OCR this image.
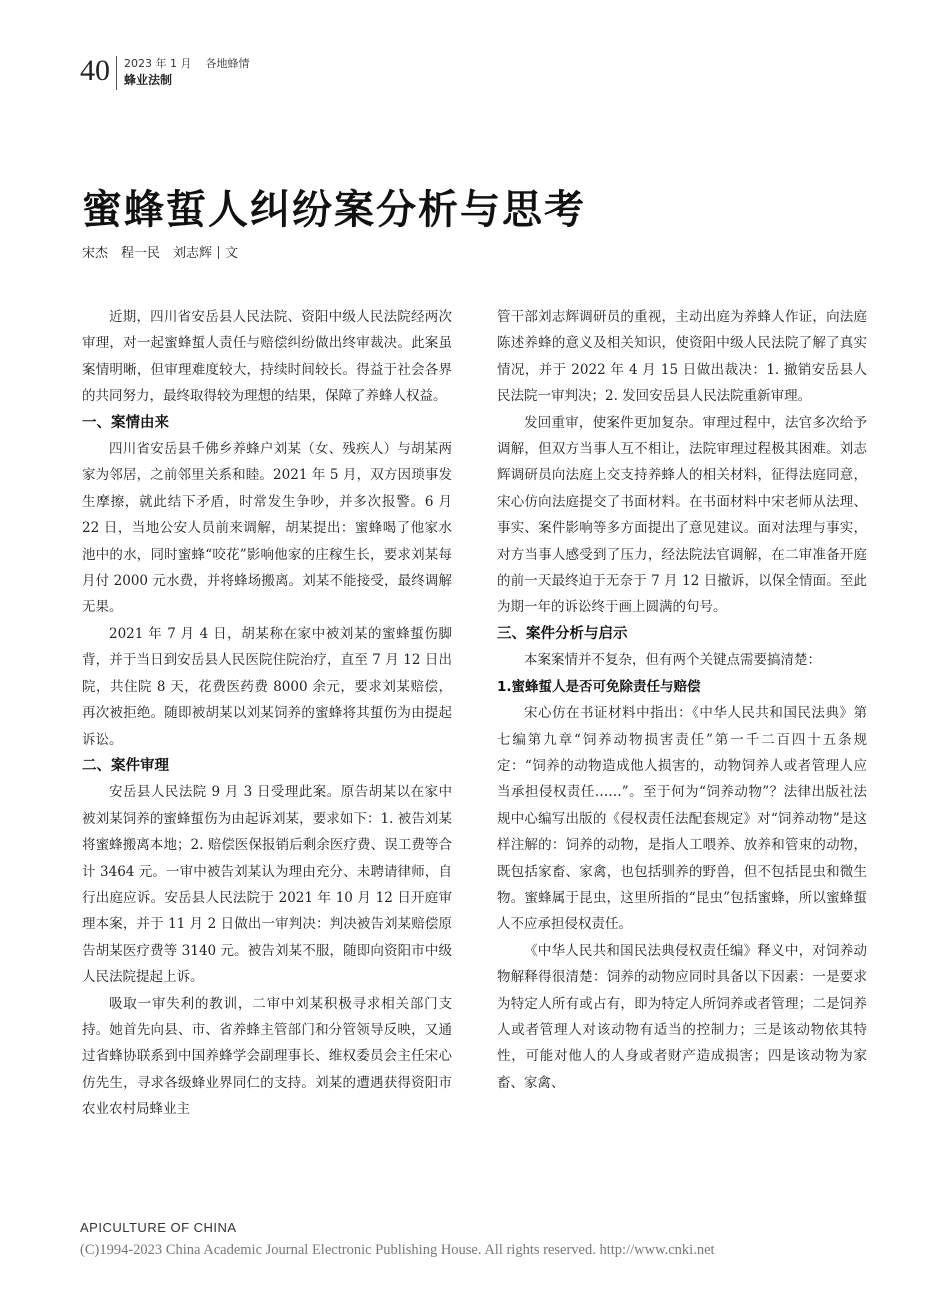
40 2023 年 1 月 各地蜂情
蜂业法制
蜜蜂蜇人纠纷案分析与思考
宋杰　程一民　刘志辉 文

近期，四川省安岳县人民法院、资阳中级人民法院经两次审理，对一起蜜蜂蜇人责任与赔偿纠纷做出终审裁决。此案虽案情明晰，但审理难度较大，持续时间较长。得益于社会各界的共同努力，最终取得较为理想的结果，保障了养蜂人权益。

一、案情由来

四川省安岳县千佛乡养蜂户刘某（女、残疾人）与胡某两家为邻居，之前邻里关系和睦。2021 年 5 月，双方因琐事发生摩擦，就此结下矛盾，时常发生争吵，并多次报警。6 月 22 日，当地公安人员前来调解，胡某提出：蜜蜂喝了他家水池中的水，同时蜜蜂“咬花”影响他家的庄稼生长，要求刘某每月付 2000 元水费，并将蜂场搬离。刘某不能接受，最终调解无果。

2021 年 7 月 4 日，胡某称在家中被刘某的蜜蜂蜇伤脚背，并于当日到安岳县人民医院住院治疗，直至 7 月 12 日出院，共住院 8 天，花费医药费 8000 余元，要求刘某赔偿，再次被拒绝。随即被胡某以刘某饲养的蜜蜂将其蜇伤为由提起诉讼。

二、案件审理

安岳县人民法院 9 月 3 日受理此案。原告胡某以在家中被刘某饲养的蜜蜂蜇伤为由起诉刘某，要求如下：1. 被告刘某将蜜蜂搬离本地；2. 赔偿医保报销后剩余医疗费、误工费等合计 3464 元。一审中被告刘某认为理由充分、未聘请律师，自行出庭应诉。安岳县人民法院于 2021 年 10 月 12 日开庭审理本案，并于 11 月 2 日做出一审判决：判决被告刘某赔偿原告胡某医疗费等 3140 元。被告刘某不服，随即向资阳市中级人民法院提起上诉。

吸取一审失利的教训，二审中刘某积极寻求相关部门支持。她首先向县、市、省养蜂主管部门和分管领导反映，又通过省蜂协联系到中国养蜂学会副理事长、维权委员会主任宋心仿先生，寻求各级蜂业界同仁的支持。刘某的遭遇获得资阳市农业农村局蜂业主

管干部刘志辉调研员的重视，主动出庭为养蜂人作证，向法庭陈述养蜂的意义及相关知识，使资阳中级人民法院了解了真实情况，并于 2022 年 4 月 15 日做出裁决：1. 撤销安岳县人民法院一审判决；2. 发回安岳县人民法院重新审理。

发回重审，使案件更加复杂。审理过程中，法官多次给予调解，但双方当事人互不相让，法院审理过程极其困难。刘志辉调研员向法庭上交支持养蜂人的相关材料，征得法庭同意，宋心仿向法庭提交了书面材料。在书面材料中宋老师从法理、事实、案件影响等多方面提出了意见建议。面对法理与事实，对方当事人感受到了压力，经法院法官调解，在二审准备开庭的前一天最终迫于无奈于 7 月 12 日撤诉，以保全情面。至此为期一年的诉讼终于画上圆满的句号。

三、案件分析与启示

本案案情并不复杂，但有两个关键点需要搞清楚：

1.蜜蜂蜇人是否可免除责任与赔偿

宋心仿在书证材料中指出：《中华人民共和国民法典》第七编第九章“饲养动物损害责任”第一千二百四十五条规定：“饲养的动物造成他人损害的，动物饲养人或者管理人应当承担侵权责任……”。至于何为“饲养动物”？法律出版社法规中心编写出版的《侵权责任法配套规定》对“饲养动物”是这样注解的：饲养的动物，是指人工喂养、放养和管束的动物，既包括家畜、家禽，也包括驯养的野兽，但不包括昆虫和微生物。蜜蜂属于昆虫，这里所指的“昆虫”包括蜜蜂，所以蜜蜂蜇人不应承担侵权责任。

《中华人民共和国民法典侵权责任编》释义中，对饲养动物解释得很清楚：饲养的动物应同时具备以下因素：一是要求为特定人所有或占有，即为特定人所饲养或者管理；二是饲养人或者管理人对该动物有适当的控制力；三是该动物依其特性，可能对他人的人身或者财产造成损害；四是该动物为家畜、家禽、

APICULTURE OF CHINA
(C)1994-2023 China Academic Journal Electronic Publishing House. All rights reserved. http://www.cnki.net
